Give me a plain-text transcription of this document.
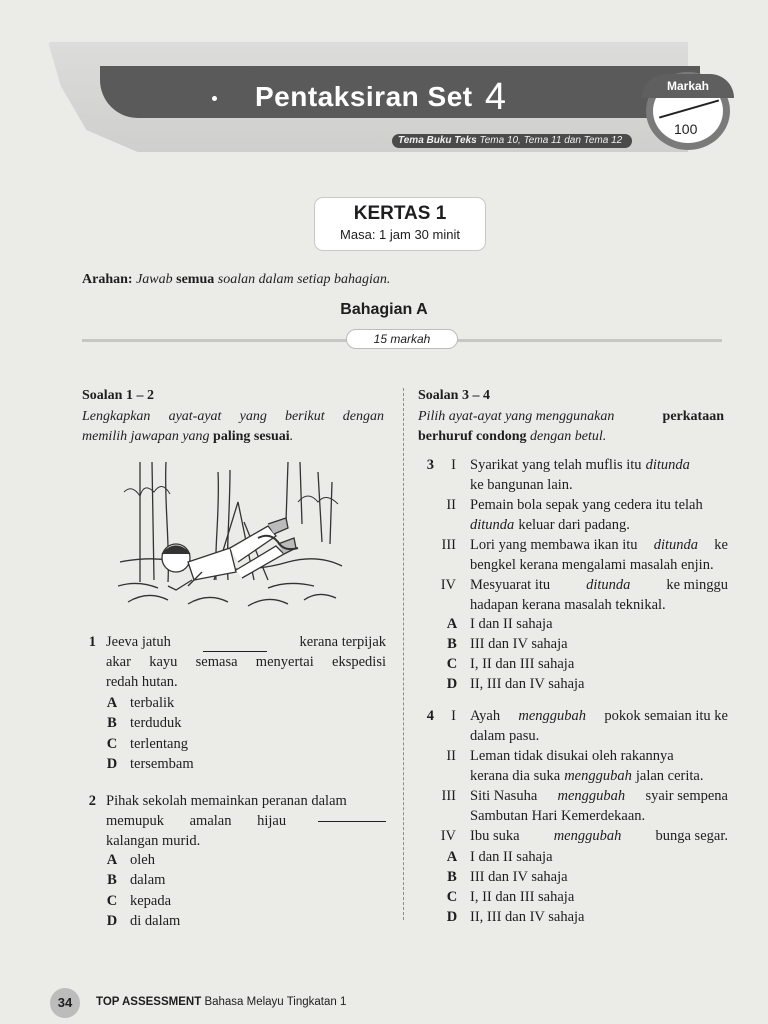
Pentaksiran Set 4
Tema Buku Teks Tema 10, Tema 11 dan Tema 12
Markah
100
KERTAS 1
Masa: 1 jam 30 minit
Arahan: Jawab semua soalan dalam setiap bahagian.
Bahagian A
15 markah
Soalan 1 – 2
Lengkapkan ayat-ayat yang berikut dengan
memilih jawapan yang paling sesuai.
1 Jeeva jatuh	kerana terpijak
akar kayu semasa menyertai ekspedisi
redah hutan.
A terbalik
B terduduk
C terlentang
D tersembam
2 Pihak sekolah memainkan peranan dalam
memupuk amalan hijau
kalangan murid.
A oleh
B dalam
C kepada
D di dalam
Soalan 3 – 4
Pilih ayat-ayat yang menggunakan	perkataan
berhuruf condong dengan betul.
3	I Syarikat yang telah muflis itu ditunda
ke bangunan lain.
II Pemain bola sepak yang cedera itu telah
ditunda keluar dari padang.
III Lori yang membawa ikan itu ditunda ke
bengkel kerana mengalami masalah enjin.
IV Mesyuarat itu ditunda ke minggu
hadapan kerana masalah teknikal.
A I dan II sahaja
B III dan IV sahaja
C I, II dan III sahaja
D II, III dan IV sahaja
4	I Ayah menggubah pokok semaian itu ke
dalam pasu.
II Leman tidak disukai oleh rakannya
kerana dia suka menggubah jalan cerita.
III Siti Nasuha menggubah syair sempena
Sambutan Hari Kemerdekaan.
IV Ibu suka menggubah bunga segar.
A I dan II sahaja
B III dan IV sahaja
C I, II dan III sahaja
D II, III dan IV sahaja
34	TOP ASSESSMENT Bahasa Melayu Tingkatan 1
